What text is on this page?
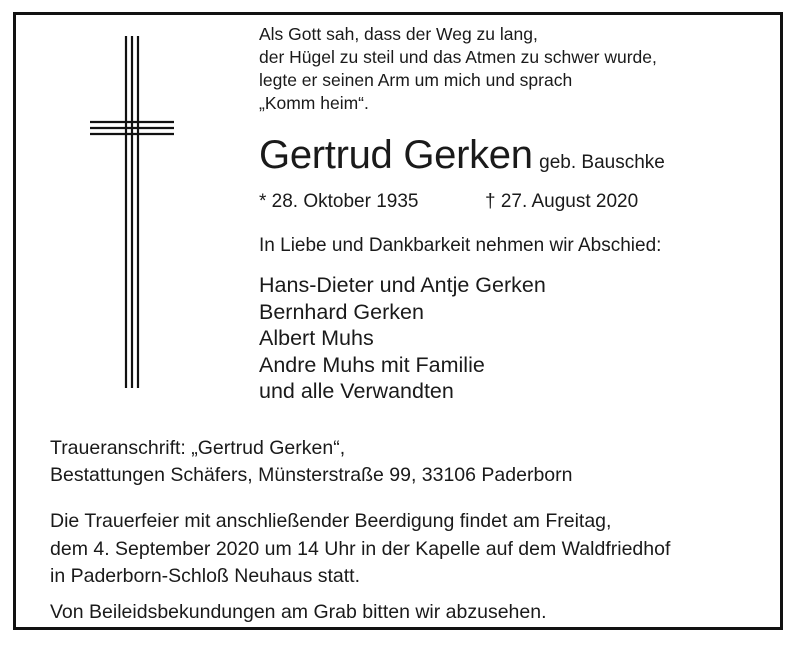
Als Gott sah, dass der Weg zu lang,
der Hügel zu steil und das Atmen zu schwer wurde,
legte er seinen Arm um mich und sprach
„Komm heim“.
Gertrud Gerken geb. Bauschke
* 28. Oktober 1935	† 27. August 2020
In Liebe und Dankbarkeit nehmen wir Abschied:
Hans-Dieter und Antje Gerken
Bernhard Gerken
Albert Muhs
Andre Muhs mit Familie
und alle Verwandten
Traueranschrift: „Gertrud Gerken“,
Bestattungen Schäfers, Münsterstraße 99, 33106 Paderborn
Die Trauerfeier mit anschließender Beerdigung findet am Freitag,
dem 4. September 2020 um 14 Uhr in der Kapelle auf dem Waldfriedhof
in Paderborn-Schloß Neuhaus statt.
Von Beileidsbekundungen am Grab bitten wir abzusehen.
